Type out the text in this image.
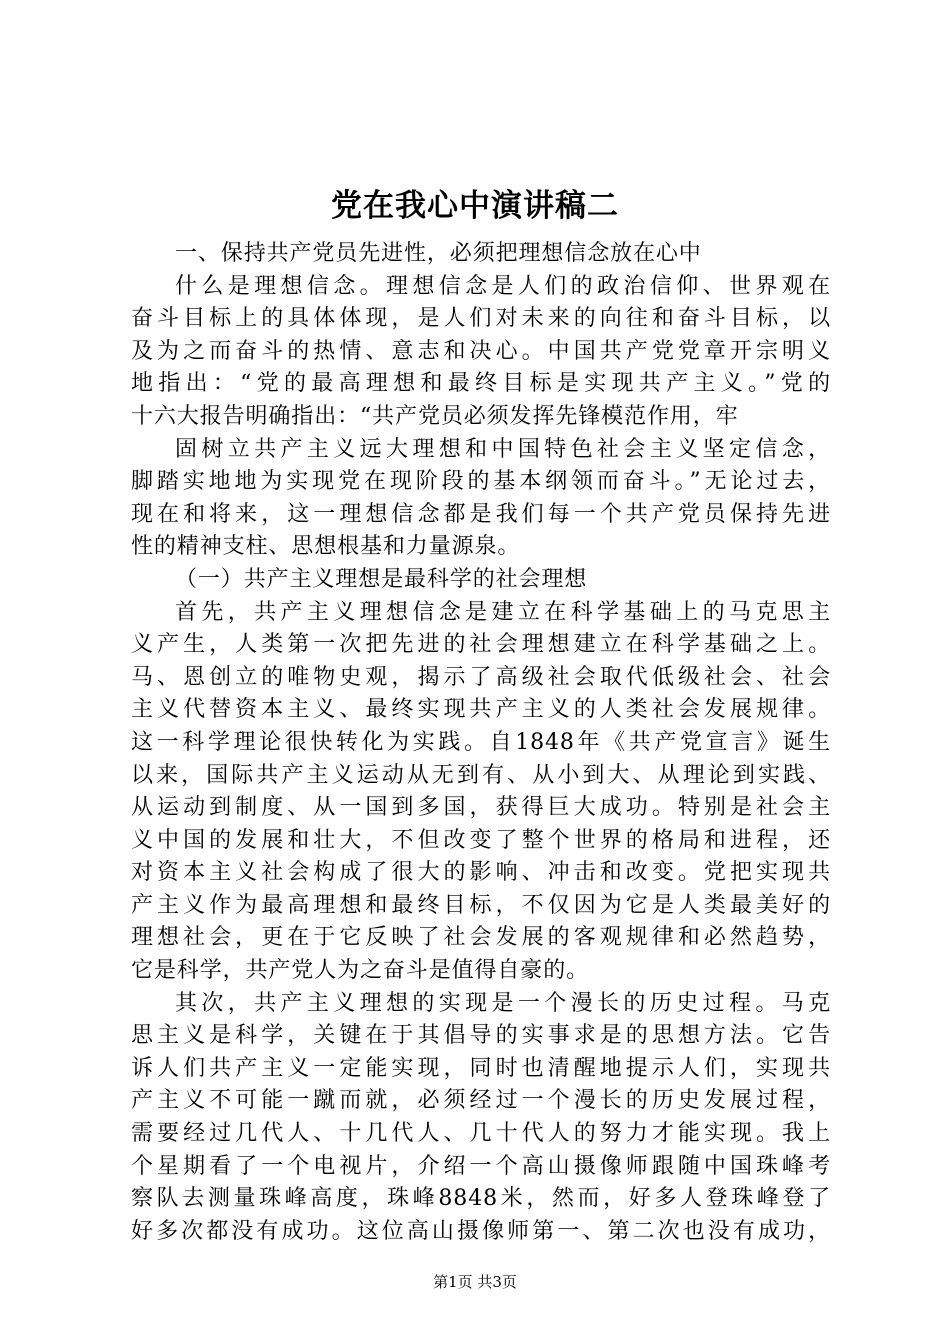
党在我心中演讲稿二
一、保持共产党员先进性，必须把理想信念放在心中
什么是理想信念。理想信念是人们的政治信仰、世界观在
奋斗目标上的具体体现，是人们对未来的向往和奋斗目标，以
及为之而奋斗的热情、意志和决心。中国共产党党章开宗明义
地指出：“党的最高理想和最终目标是实现共产主义。”党的
十六大报告明确指出：“共产党员必须发挥先锋模范作用，牢
固树立共产主义远大理想和中国特色社会主义坚定信念，
脚踏实地地为实现党在现阶段的基本纲领而奋斗。”无论过去，
现在和将来，这一理想信念都是我们每一个共产党员保持先进
性的精神支柱、思想根基和力量源泉。
（一）共产主义理想是最科学的社会理想
首先，共产主义理想信念是建立在科学基础上的马克思主
义产生，人类第一次把先进的社会理想建立在科学基础之上。
马、恩创立的唯物史观，揭示了高级社会取代低级社会、社会
主义代替资本主义、最终实现共产主义的人类社会发展规律。
这一科学理论很快转化为实践。自1848年《共产党宣言》诞生
以来，国际共产主义运动从无到有、从小到大、从理论到实践、
从运动到制度、从一国到多国，获得巨大成功。特别是社会主
义中国的发展和壮大，不但改变了整个世界的格局和进程，还
对资本主义社会构成了很大的影响、冲击和改变。党把实现共
产主义作为最高理想和最终目标，不仅因为它是人类最美好的
理想社会，更在于它反映了社会发展的客观规律和必然趋势，
它是科学，共产党人为之奋斗是值得自豪的。
其次，共产主义理想的实现是一个漫长的历史过程。马克
思主义是科学，关键在于其倡导的实事求是的思想方法。它告
诉人们共产主义一定能实现，同时也清醒地提示人们，实现共
产主义不可能一蹴而就，必须经过一个漫长的历史发展过程，
需要经过几代人、十几代人、几十代人的努力才能实现。我上
个星期看了一个电视片，介绍一个高山摄像师跟随中国珠峰考
察队去测量珠峰高度，珠峰8848米，然而，好多人登珠峰登了
好多次都没有成功。这位高山摄像师第一、第二次也没有成功，
第1页 共3页
